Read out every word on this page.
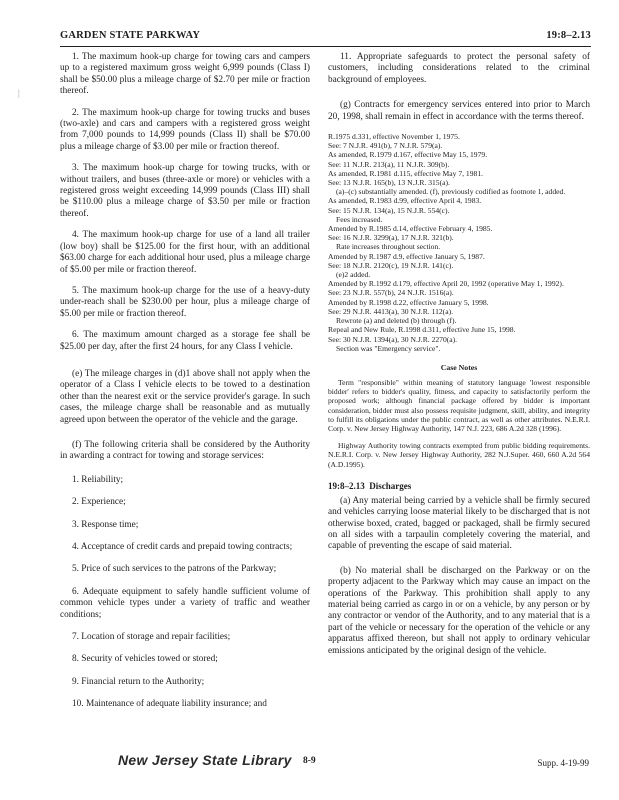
GARDEN STATE PARKWAY	19:8–2.13

1. The maximum hook-up charge for towing cars and campers up to a registered maximum gross weight 6,999 pounds (Class I) shall be $50.00 plus a mileage charge of $2.70 per mile or fraction thereof.

2. The maximum hook-up charge for towing trucks and buses (two-axle) and cars and campers with a registered gross weight from 7,000 pounds to 14,999 pounds (Class II) shall be $70.00 plus a mileage charge of $3.00 per mile or fraction thereof.

3. The maximum hook-up charge for towing trucks, with or without trailers, and buses (three-axle or more) or vehicles with a registered gross weight exceeding 14,999 pounds (Class III) shall be $110.00 plus a mileage charge of $3.50 per mile or fraction thereof.

4. The maximum hook-up charge for use of a land all trailer (low boy) shall be $125.00 for the first hour, with an additional $63.00 charge for each additional hour used, plus a mileage charge of $5.00 per mile or fraction thereof.

5. The maximum hook-up charge for the use of a heavy-duty under-reach shall be $230.00 per hour, plus a mileage charge of $5.00 per mile or fraction thereof.

6. The maximum amount charged as a storage fee shall be $25.00 per day, after the first 24 hours, for any Class I vehicle.

(e) The mileage charges in (d)1 above shall not apply when the operator of a Class I vehicle elects to be towed to a destination other than the nearest exit or the service provider's garage. In such cases, the mileage charge shall be reasonable and as mutually agreed upon between the operator of the vehicle and the garage.

(f) The following criteria shall be considered by the Authority in awarding a contract for towing and storage services:

1. Reliability;

2. Experience;

3. Response time;

4. Acceptance of credit cards and prepaid towing contracts;

5. Price of such services to the patrons of the Parkway;

6. Adequate equipment to safely handle sufficient volume of common vehicle types under a variety of traffic and weather conditions;

7. Location of storage and repair facilities;

8. Security of vehicles towed or stored;

9. Financial return to the Authority;

10. Maintenance of adequate liability insurance; and

11. Appropriate safeguards to protect the personal safety of customers, including considerations related to the criminal background of employees.

(g) Contracts for emergency services entered into prior to March 20, 1998, shall remain in effect in accordance with the terms thereof.

R.1975 d.331, effective November 1, 1975.
See: 7 N.J.R. 491(b), 7 N.J.R. 579(a).
As amended, R.1979 d.167, effective May 15, 1979.
See: 11 N.J.R. 213(a), 11 N.J.R. 309(b).
As amended, R.1981 d.115, effective May 7, 1981.
See: 13 N.J.R. 165(b), 13 N.J.R. 315(a).
(a)–(c) substantially amended. (f), previously codified as footnote 1, added.
As amended, R.1983 d.99, effective April 4, 1983.
See: 15 N.J.R. 134(a), 15 N.J.R. 554(c).
Fees increased.
Amended by R.1985 d.14, effective February 4, 1985.
See: 16 N.J.R. 3299(a), 17 N.J.R. 321(b).
Rate increases throughout section.
Amended by R.1987 d.9, effective January 5, 1987.
See: 18 N.J.R. 2120(c), 19 N.J.R. 141(c).
(e)2 added.
Amended by R.1992 d.179, effective April 20, 1992 (operative May 1, 1992).
See: 23 N.J.R. 557(b), 24 N.J.R. 1516(a).
Amended by R.1998 d.22, effective January 5, 1998.
See: 29 N.J.R. 4413(a), 30 N.J.R. 112(a).
Rewrote (a) and deleted (b) through (f).
Repeal and New Rule, R.1998 d.311, effective June 15, 1998.
See: 30 N.J.R. 1394(a), 30 N.J.R. 2270(a).
Section was "Emergency service".
Case Notes

Term "responsible" within meaning of statutory language 'lowest responsible bidder' refers to bidder's quality, fitness, and capacity to satisfactorily perform the proposed work; although financial package offered by bidder is important consideration, bidder must also possess requisite judgment, skill, ability, and integrity to fulfill its obligations under the public contract, as well as other attributes. N.E.R.I. Corp. v. New Jersey Highway Authority, 147 N.J. 223, 686 A.2d 328 (1996).

Highway Authority towing contracts exempted from public bidding requirements. N.E.R.I. Corp. v. New Jersey Highway Authority, 282 N.J.Super. 460, 660 A.2d 564 (A.D.1995).

19:8–2.13 Discharges

(a) Any material being carried by a vehicle shall be firmly secured and vehicles carrying loose material likely to be discharged that is not otherwise boxed, crated, bagged or packaged, shall be firmly secured on all sides with a tarpaulin completely covering the material, and capable of preventing the escape of said material.

(b) No material shall be discharged on the Parkway or on the property adjacent to the Parkway which may cause an impact on the operations of the Parkway. This prohibition shall apply to any material being carried as cargo in or on a vehicle, by any person or by any contractor or vendor of the Authority, and to any material that is a part of the vehicle or necessary for the operation of the vehicle or any apparatus affixed thereon, but shall not apply to ordinary vehicular emissions anticipated by the original design of the vehicle.

New Jersey State Library 8-9	Supp. 4-19-99
|
